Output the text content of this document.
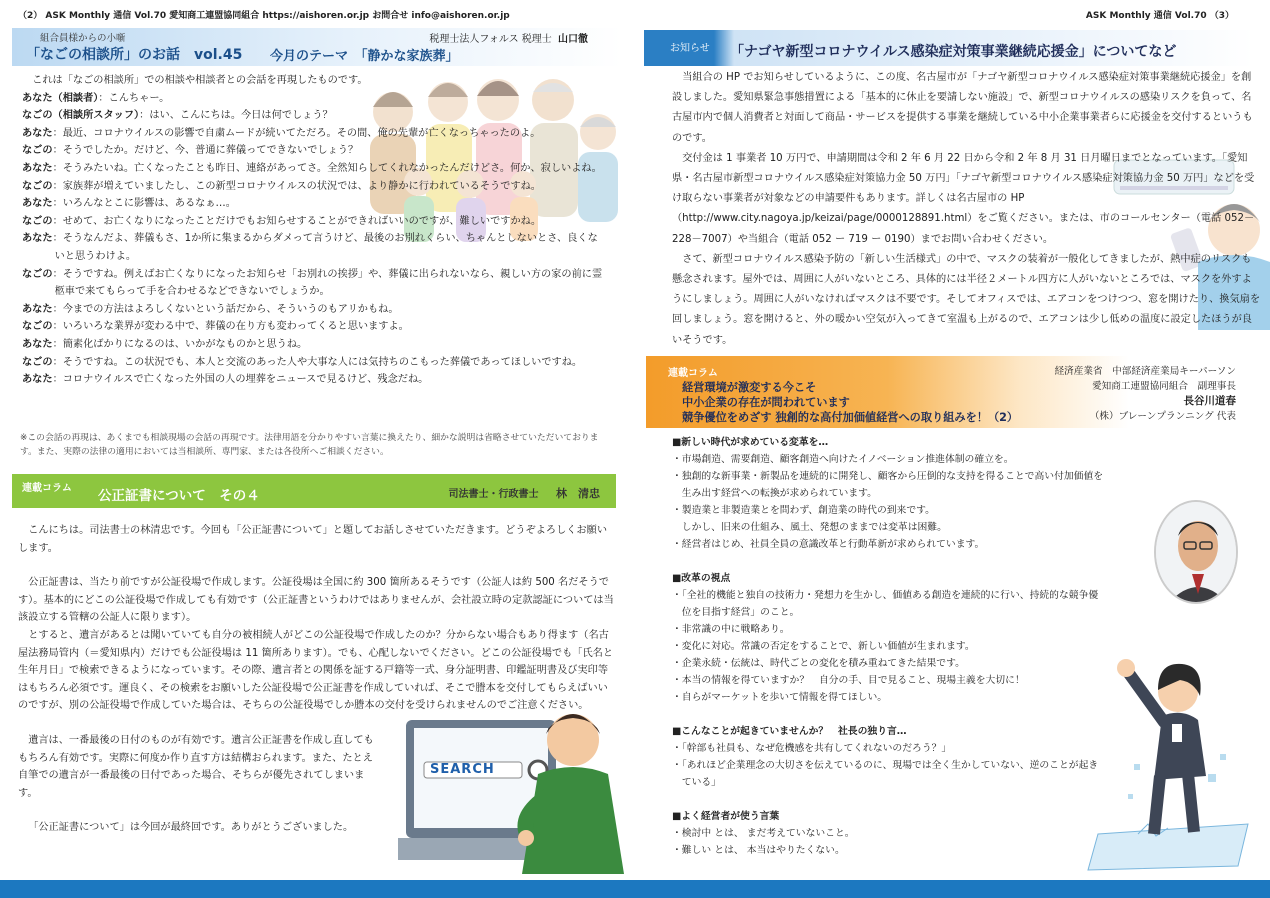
（2） ASK Monthly 通信 Vol.70 愛知商工連盟協同組合 https://aishoren.or.jp お問合せ info@aishoren.or.jp
組合員様からの小噺
「なごの相談所」のお話　vol.45 今月のテーマ　「静かな家族葬」
税理士法人フォルス 税理士 山口徹

これは「なごの相談所」での相談や相談者との会話を再現したものです。

あなた（相談者）：こんちゃー。

なごの（相談所スタッフ）：はい、こんにちは。今日は何でしょう？

あなた：最近、コロナウイルスの影響で自粛ムードが続いてただろ。その間、俺の先輩が亡くなっちゃったのよ。

なごの：そうでしたか。だけど、今、普通に葬儀ってできないでしょう？

あなた：そうみたいね。亡くなったことも昨日、連絡があってさ。全然知らしてくれなかったんだけどさ。何か、寂しいよね。

なごの：家族葬が増えていましたし、この新型コロナウイルスの状況では、より静かに行われているそうですね。

あなた：いろんなとこに影響は、あるなぁ…。

なごの：せめて、お亡くなりになったことだけでもお知らせすることができればいいのですが、難しいですかね。

あなた：そうなんだよ、葬儀もさ、1か所に集まるからダメって言うけど、最後のお別れくらい、ちゃんとしないとさ、良くないと思うわけよ。

なごの：そうですね。例えばお亡くなりになったお知らせ「お別れの挨拶」や、葬儀に出られないなら、親しい方の家の前に霊柩車で来てもらって手を合わせるなどできないでしょうか。

あなた：今までの方法はよろしくないという話だから、そういうのもアリかもね。

なごの：いろいろな業界が変わる中で、葬儀の在り方も変わってくると思いますよ。

あなた：簡素化ばかりになるのは、いかがなものかと思うね。

なごの：そうですね。この状況でも、本人と交流のあった人や大事な人には気持ちのこもった葬儀であってほしいですね。

あなた：コロナウイルスで亡くなった外国の人の埋葬をニュースで見るけど、残念だね。

※この会話の再現は、あくまでも相談現場の会話の再現です。法律用語を分かりやすい言葉に換えたり、細かな説明は省略させていただいております。また、実際の法律の適用においては当相談所、専門家、または各役所へご相談ください。
連載コラム 公正証書について　その４	司法書士・行政書士 林　清忠

こんにちは。司法書士の林清忠です。今回も「公正証書について」と題してお話しさせていただきます。どうぞよろしくお願いします。

公正証書は、当たり前ですが公証役場で作成します。公証役場は全国に約 300 箇所あるそうです（公証人は約 500 名だそうです）。基本的にどこの公証役場で作成しても有効です（公正証書というわけではありませんが、会社設立時の定款認証については当該設立する管轄の公証人に限ります）。

とすると、遺言があるとは聞いていても自分の被相続人がどこの公証役場で作成したのか？分からない場合もあり得ます（名古屋法務局管内（＝愛知県内）だけでも公証役場は 11 箇所あります）。でも、心配しないでください。どこの公証役場でも「氏名と生年月日」で検索できるようになっています。その際、遺言者との関係を証する戸籍等一式、身分証明書、印鑑証明書及び実印等はもちろん必須です。運良く、その検索をお願いした公証役場で公正証書を作成していれば、そこで謄本を交付してもらえばいいのですが、別の公証役場で作成していた場合は、そちらの公証役場でしか謄本の交付を受けられませんのでご注意ください。

遺言は、一番最後の日付のものが有効です。遺言公正証書を作成し直してももちろん有効です。実際に何度か作り直す方は結構おられます。また、たとえ自筆での遺言が一番最後の日付であった場合、そちらが優先されてしまいます。

「公正証書について」は今回が最終回です。ありがとうございました。

SEARCH
ASK Monthly 通信 Vol.70 （3）
お知らせ 「ナゴヤ新型コロナウイルス感染症対策事業継続応援金」についてなど

当組合の HP でお知らせしているように、この度、名古屋市が「ナゴヤ新型コロナウイルス感染症対策事業継続応援金」を創設しました。愛知県緊急事態措置による「基本的に休止を要請しない施設」で、新型コロナウイルスの感染リスクを負って、名古屋市内で個人消費者と対面して商品・サービスを提供する事業を継続している中小企業事業者らに応援金を交付するというものです。

交付金は 1 事業者 10 万円で、申請期間は令和 2 年 6 月 22 日から令和 2 年 8 月 31 日月曜日までとなっています。「愛知県・名古屋市新型コロナウイルス感染症対策協力金 50 万円」「ナゴヤ新型コロナウイルス感染症対策協力金 50 万円」などを受け取らない事業者が対象などの申請要件もあります。詳しくは名古屋市の HP（http://www.city.nagoya.jp/keizai/page/0000128891.html）をご覧ください。または、市のコールセンター（電話 052－228－7007）や当組合（電話 052 ー 719 ー 0190）までお問い合わせください。

さて、新型コロナウイルス感染予防の「新しい生活様式」の中で、マスクの装着が一般化してきましたが、熱中症のリスクも懸念されます。屋外では、周囲に人がいないところ、具体的には半径２メートル四方に人がいないところでは、マスクを外すようにしましょう。周囲に人がいなければマスクは不要です。そしてオフィスでは、エアコンをつけつつ、窓を開けたり、換気扇を回しましょう。窓を開けると、外の暖かい空気が入ってきて室温も上がるので、エアコンは少し低めの温度に設定したほうが良いそうです。

連載コラム
経営環境が激変する今こそ
中小企業の存在が問われています
競争優位をめざす 独創的な高付加価値経営への取り組みを！（2）
経済産業省　中部経済産業局キーパーソン
愛知商工連盟協同組合　副理事長
長谷川道春
（株）ブレーンプランニング 代表

■新しい時代が求めている変革を…

・市場創造、需要創造、顧客創造へ向けたイノベーション推進体制の確立を。

・独創的な新事業・新製品を連続的に開発し、顧客から圧倒的な支持を得ることで高い付加価値を生み出す経営への転換が求められています。

・製造業と非製造業とを問わず、創造業の時代の到来です。

　しかし、旧来の仕組み、風土、発想のままでは変革は困難。

・経営者はじめ、社員全員の意識改革と行動革新が求められています。

■改革の視点

・「全社的機能と独自の技術力・発想力を生かし、価値ある創造を連続的に行い、持続的な競争優位を目指す経営」のこと。

・非常識の中に戦略あり。

・変化に対応。常識の否定をすることで、新しい価値が生まれます。

・企業永続・伝統は、時代ごとの変化を積み重ねてきた結果です。

・本当の情報を得ていますか？　自分の手、目で見ること、現場主義を大切に！

・自らがマーケットを歩いて情報を得てほしい。

■こんなことが起きていませんか？　社長の独り言…

・「幹部も社員も、なぜ危機感を共有してくれないのだろう？」

・「あれほど企業理念の大切さを伝えているのに、現場では全く生かしていない、逆のことが起きている」

■よく経営者が使う言葉

・検討中 とは、 まだ考えていないこと。

・難しい とは、 本当はやりたくない。
